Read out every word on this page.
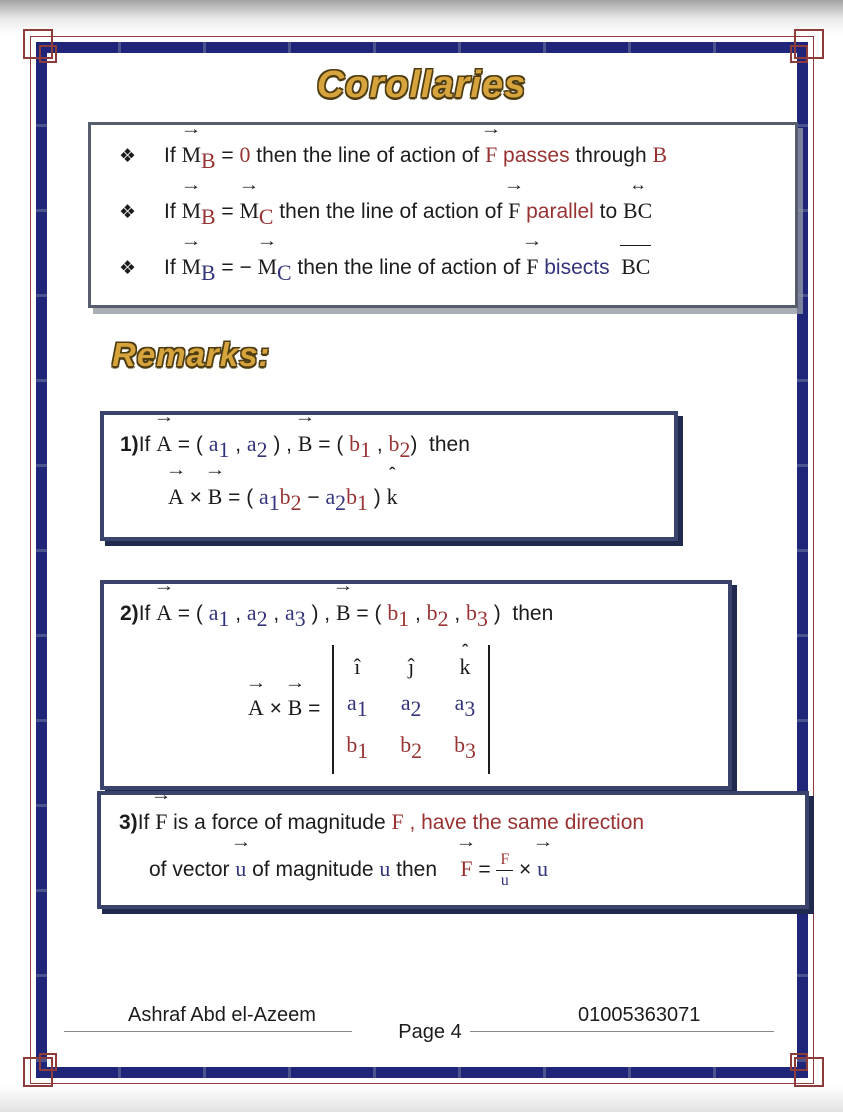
Corollaries
❖ $If \to M_B = 0$ then the line of action of → F passes through B
❖ $If \to M_B$ = → $M_C$ then the line of action of → F parallel to ↔ BC
❖ $If \to M_B$ = − → $M_C$ then the line of action of → F bisects BC
Remarks:
1)If → A = ( $a_1$ , $a_2$ ) , → B = ( $b_1$ , $b_2$)  then
→ A × → B = ( $a_1b_2 - a_2b_1$ ) ˆ k
2)If → A = ( $a_1$ , $a_2$ , $a_3$ ) , → B = ( $b_1$ , $b_2$ , $b_3$ )  then
→ A × → B =
î ĵ ˆ k
$a_1$ $a_2$ $a_3$
$b_1$ $b_2$ $b_3$
3)If → F is a force of magnitude F , have the same direction
of vector → u of magnitude u then    → $F = \frac{F}{u}$ × → u
Ashraf Abd el-Azeem
Page 4
01005363071
